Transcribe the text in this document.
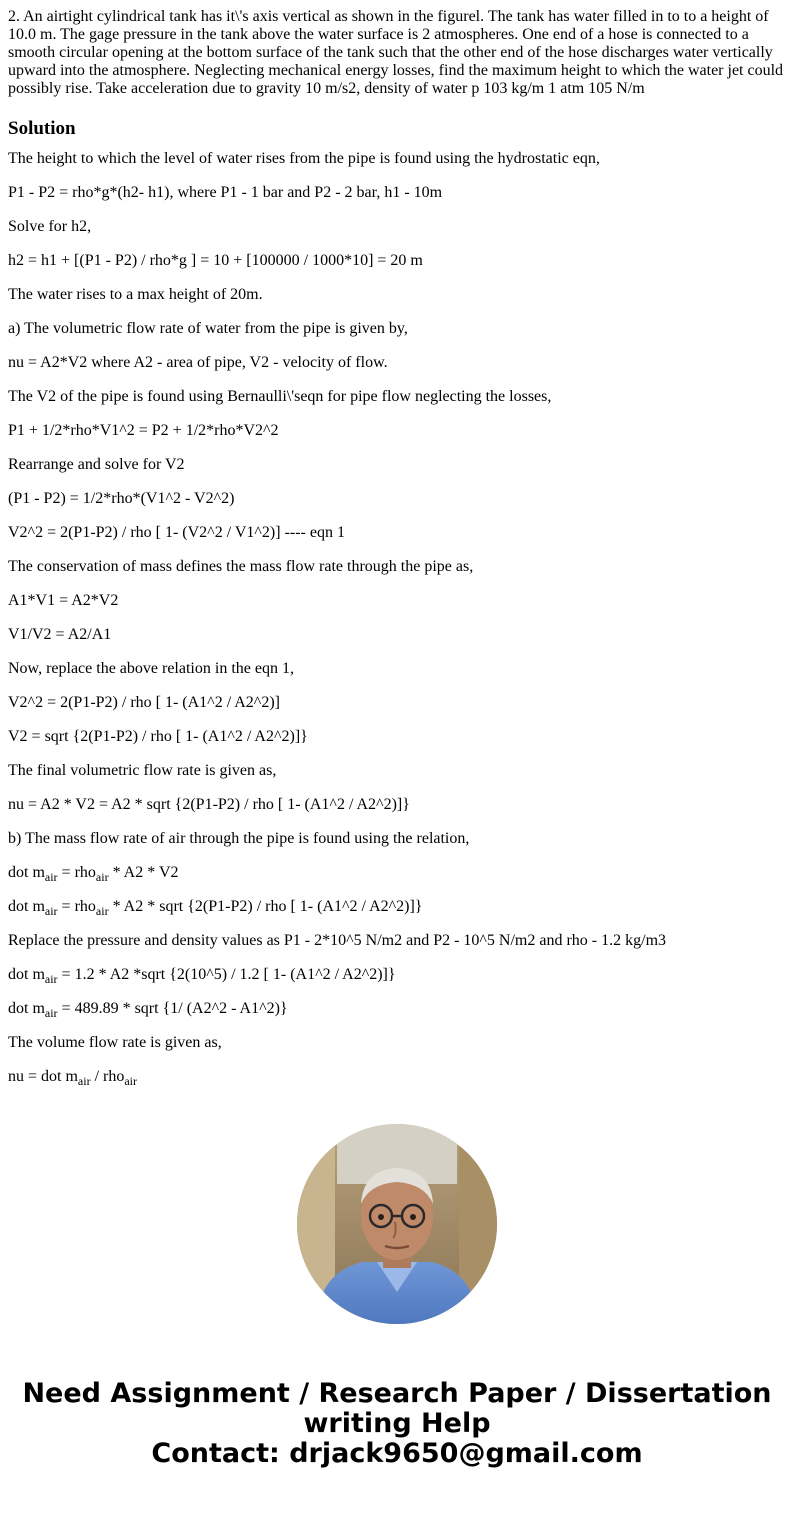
2. An airtight cylindrical tank has it\'s axis vertical as shown in the figurel. The tank has water filled in to to a height of 10.0 m. The gage pressure in the tank above the water surface is 2 atmospheres. One end of a hose is connected to a smooth circular opening at the bottom surface of the tank such that the other end of the hose discharges water vertically upward into the atmosphere. Neglecting mechanical energy losses, find the maximum height to which the water jet could possibly rise. Take acceleration due to gravity 10 m/s2, density of water p 103 kg/m 1 atm 105 N/m

Solution

The height to which the level of water rises from the pipe is found using the hydrostatic eqn,

P1 - P2 = rho*g*(h2- h1), where P1 - 1 bar and P2 - 2 bar, h1 - 10m

Solve for h2,

h2 = h1 + [(P1 - P2) / rho*g ] = 10 + [100000 / 1000*10] = 20 m

The water rises to a max height of 20m.

a) The volumetric flow rate of water from the pipe is given by,

nu = A2*V2 where A2 - area of pipe, V2 - velocity of flow.

The V2 of the pipe is found using Bernaulli\'seqn for pipe flow neglecting the losses,

P1 + 1/2*rho*V1^2 = P2 + 1/2*rho*V2^2

Rearrange and solve for V2

(P1 - P2) = 1/2*rho*(V1^2 - V2^2)

V2^2 = 2(P1-P2) / rho [ 1- (V2^2 / V1^2)] ---- eqn 1

The conservation of mass defines the mass flow rate through the pipe as,

A1*V1 = A2*V2

V1/V2 = A2/A1

Now, replace the above relation in the eqn 1,

V2^2 = 2(P1-P2) / rho [ 1- (A1^2 / A2^2)]

V2 = sqrt {2(P1-P2) / rho [ 1- (A1^2 / A2^2)]}

The final volumetric flow rate is given as,

nu = A2 * V2 = A2 * sqrt {2(P1-P2) / rho [ 1- (A1^2 / A2^2)]}

b) The mass flow rate of air through the pipe is found using the relation,

dot $m_{air} = rho_{air} * A2 * V2$

dot $m_{air} = rho_{air} * A2$ * sqrt {2(P1-P2) / rho [ 1- (A1^2 / A2^2)]}

Replace the pressure and density values as P1 - 2*10^5 N/m2 and P2 - 10^5 N/m2 and rho - 1.2 kg/m3

dot $m_{air} = 1.2 * A2$ *sqrt {2(10^5) / 1.2 [ 1- (A1^2 / A2^2)]}

dot $m_{air} = 489.89$ * sqrt {1/ (A2^2 - A1^2)}

The volume flow rate is given as,

nu = dot $m_{air} / rho_{air}$

Need Assignment / Research Paper / Dissertation
writing Help
Contact: drjack9650@gmail.com
